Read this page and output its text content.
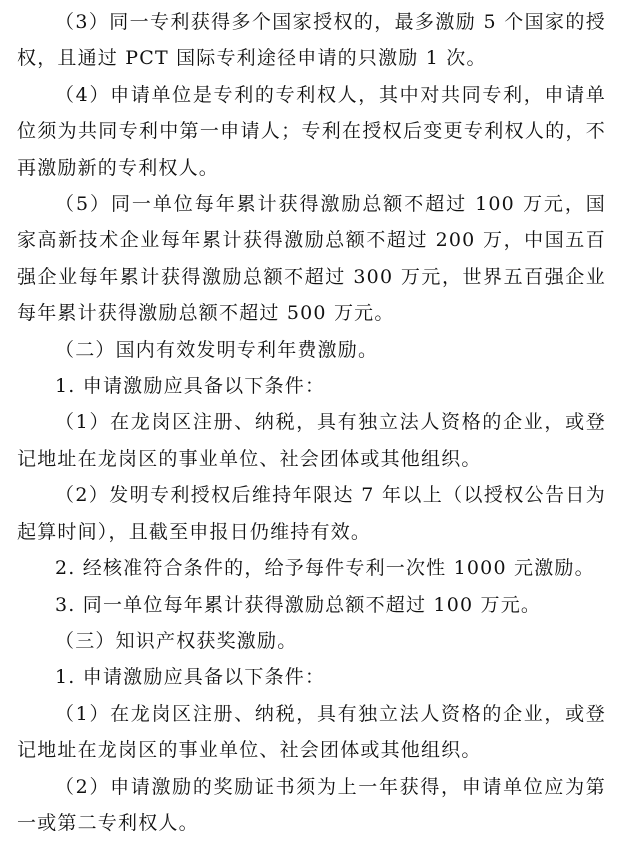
（3）同一专利获得多个国家授权的，最多激励 5 个国家的授权，且通过 PCT 国际专利途径申请的只激励 1 次。

（4）申请单位是专利的专利权人，其中对共同专利，申请单位须为共同专利中第一申请人；专利在授权后变更专利权人的，不再激励新的专利权人。

（5）同一单位每年累计获得激励总额不超过 100 万元，国家高新技术企业每年累计获得激励总额不超过 200 万，中国五百强企业每年累计获得激励总额不超过 300 万元，世界五百强企业每年累计获得激励总额不超过 500 万元。

（二）国内有效发明专利年费激励。

1. 申请激励应具备以下条件：

（1）在龙岗区注册、纳税，具有独立法人资格的企业，或登记地址在龙岗区的事业单位、社会团体或其他组织。

（2）发明专利授权后维持年限达 7 年以上（以授权公告日为起算时间），且截至申报日仍维持有效。

2. 经核准符合条件的，给予每件专利一次性 1000 元激励。

3. 同一单位每年累计获得激励总额不超过 100 万元。

（三）知识产权获奖激励。

1. 申请激励应具备以下条件：

（1）在龙岗区注册、纳税，具有独立法人资格的企业，或登记地址在龙岗区的事业单位、社会团体或其他组织。

（2）申请激励的奖励证书须为上一年获得，申请单位应为第一或第二专利权人。
